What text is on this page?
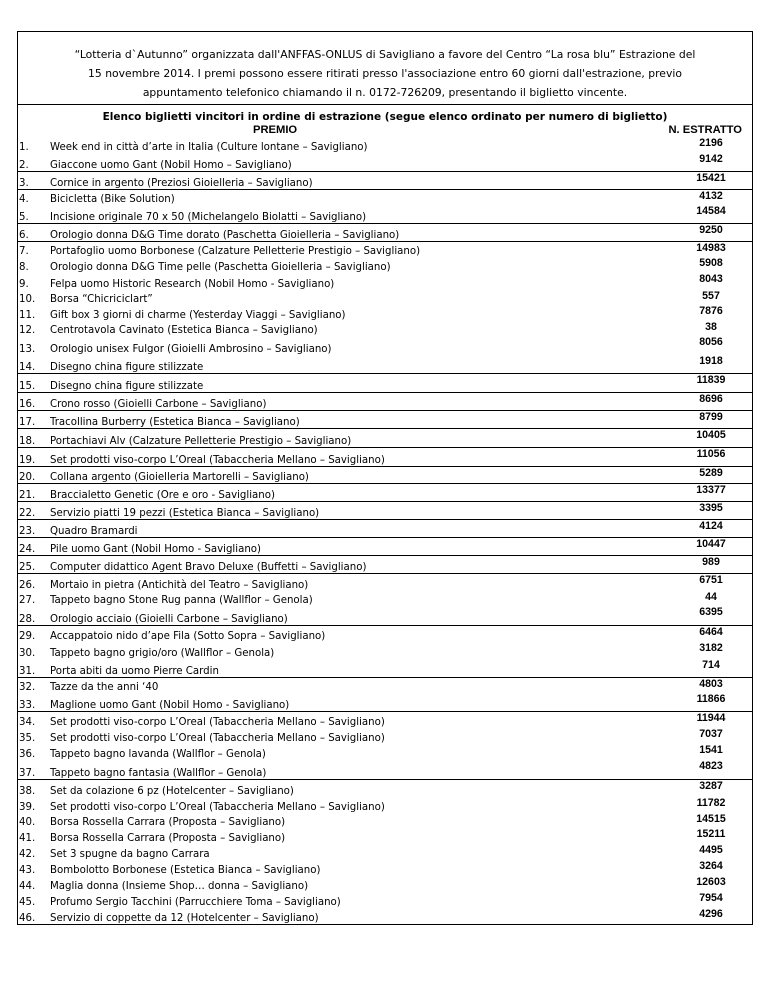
“Lotteria d`Autunno” organizzata dall'ANFFAS-ONLUS di Savigliano a favore del Centro “La rosa blu” Estrazione del
15 novembre 2014. I premi possono essere ritirati presso l'associazione entro 60 giorni dall'estrazione, previo
appuntamento telefonico chiamando il n. 0172-726209, presentando il biglietto vincente.
Elenco biglietti vincitori in ordine di estrazione (segue elenco ordinato per numero di biglietto)
PREMIO	N. ESTRATTO
1.	Week end in città d’arte in Italia (Culture lontane – Savigliano)	2196
2.	Giaccone uomo Gant (Nobil Homo – Savigliano)	9142
3.	Cornice in argento (Preziosi Gioielleria – Savigliano)	15421
4.	Bicicletta (Bike Solution)	4132
5.	Incisione originale 70 x 50 (Michelangelo Biolatti – Savigliano)	14584
6.	Orologio donna D&G Time dorato (Paschetta Gioielleria – Savigliano)	9250
7.	Portafoglio uomo Borbonese (Calzature Pelletterie Prestigio – Savigliano)	14983
8.	Orologio donna D&G Time pelle (Paschetta Gioielleria – Savigliano)	5908
9.	Felpa uomo Historic Research (Nobil Homo - Savigliano)	8043
10.	Borsa “Chicriciclart”	557
11.	Gift box 3 giorni di charme (Yesterday Viaggi – Savigliano)	7876
12.	Centrotavola Cavinato (Estetica Bianca – Savigliano)	38
13.	Orologio unisex Fulgor (Gioielli Ambrosino – Savigliano)	8056
14.	Disegno china figure stilizzate	1918
15.	Disegno china figure stilizzate	11839
16.	Crono rosso (Gioielli Carbone – Savigliano)	8696
17.	Tracollina Burberry (Estetica Bianca – Savigliano)	8799
18.	Portachiavi Alv (Calzature Pelletterie Prestigio – Savigliano)	10405
19.	Set prodotti viso-corpo L’Oreal (Tabaccheria Mellano – Savigliano)	11056
20.	Collana argento (Gioielleria Martorelli – Savigliano)	5289
21.	Braccialetto Genetic (Ore e oro - Savigliano)	13377
22.	Servizio piatti 19 pezzi (Estetica Bianca – Savigliano)	3395
23.	Quadro Bramardi	4124
24.	Pile uomo Gant (Nobil Homo - Savigliano)	10447
25.	Computer didattico Agent Bravo Deluxe (Buffetti – Savigliano)	989
26.	Mortaio in pietra (Antichità del Teatro – Savigliano)	6751
27.	Tappeto bagno Stone Rug panna (Wallflor – Genola)	44
28.	Orologio acciaio (Gioielli Carbone – Savigliano)	6395
29.	Accappatoio nido d’ape Fila (Sotto Sopra – Savigliano)	6464
30.	Tappeto bagno grigio/oro (Wallflor – Genola)	3182
31.	Porta abiti da uomo Pierre Cardin	714
32.	Tazze da the anni ‘40	4803
33.	Maglione uomo Gant (Nobil Homo - Savigliano)	11866
34.	Set prodotti viso-corpo L’Oreal (Tabaccheria Mellano – Savigliano)	11944
35.	Set prodotti viso-corpo L’Oreal (Tabaccheria Mellano – Savigliano)	7037
36.	Tappeto bagno lavanda (Wallflor – Genola)	1541
37.	Tappeto bagno fantasia (Wallflor – Genola)	4823
38.	Set da colazione 6 pz (Hotelcenter – Savigliano)	3287
39.	Set prodotti viso-corpo L’Oreal (Tabaccheria Mellano – Savigliano)	11782
40.	Borsa Rossella Carrara (Proposta – Savigliano)	14515
41.	Borsa Rossella Carrara (Proposta – Savigliano)	15211
42.	Set 3 spugne da bagno Carrara	4495
43.	Bombolotto Borbonese (Estetica Bianca – Savigliano)	3264
44.	Maglia donna (Insieme Shop… donna – Savigliano)	12603
45.	Profumo Sergio Tacchini (Parrucchiere Toma – Savigliano)	7954
46.	Servizio di coppette da 12 (Hotelcenter – Savigliano)	4296
